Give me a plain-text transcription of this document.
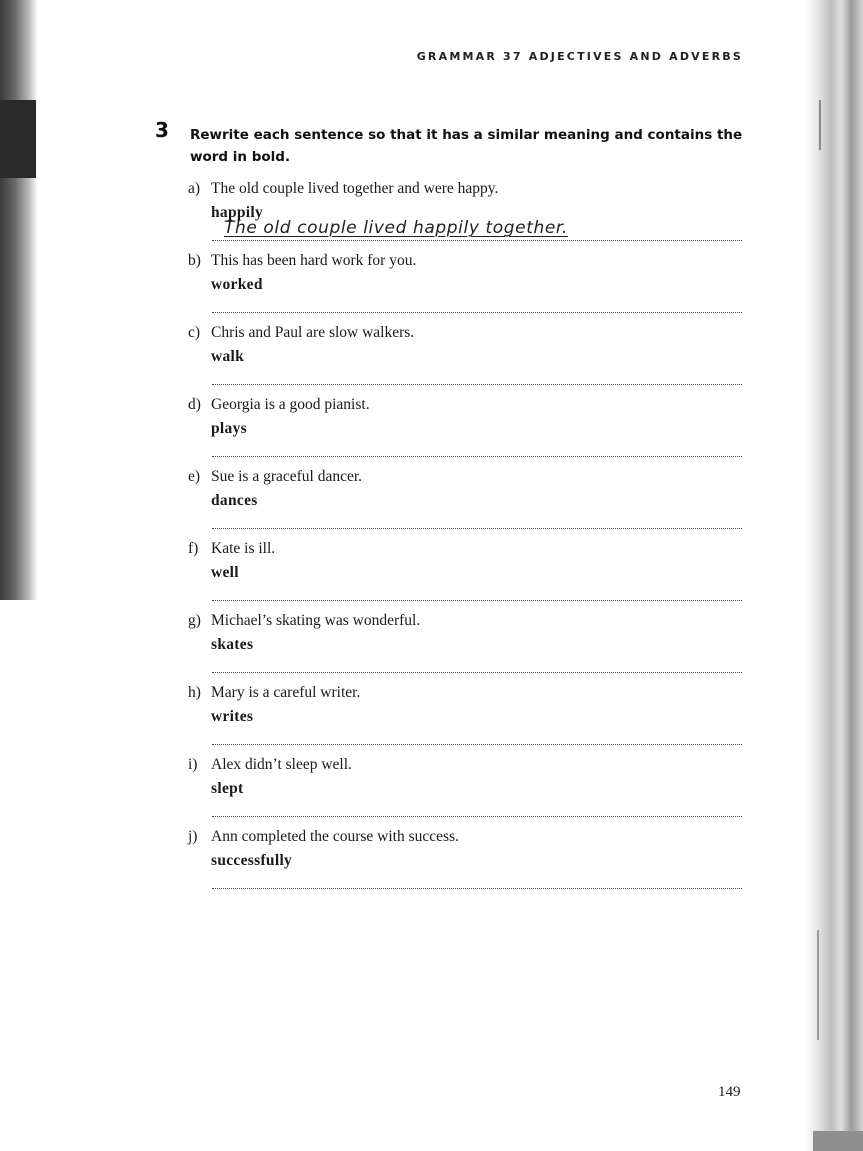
GRAMMAR 37 ADJECTIVES AND ADVERBS
3 Rewrite each sentence so that it has a similar meaning and contains the word in bold.
a) The old couple lived together and were happy.
happily
The old couple lived happily together.
b) This has been hard work for you.
worked
c) Chris and Paul are slow walkers.
walk
d) Georgia is a good pianist.
plays
e) Sue is a graceful dancer.
dances
f) Kate is ill.
well
g) Michael’s skating was wonderful.
skates
h) Mary is a careful writer.
writes
i) Alex didn’t sleep well.
slept
j) Ann completed the course with success.
successfully
149
